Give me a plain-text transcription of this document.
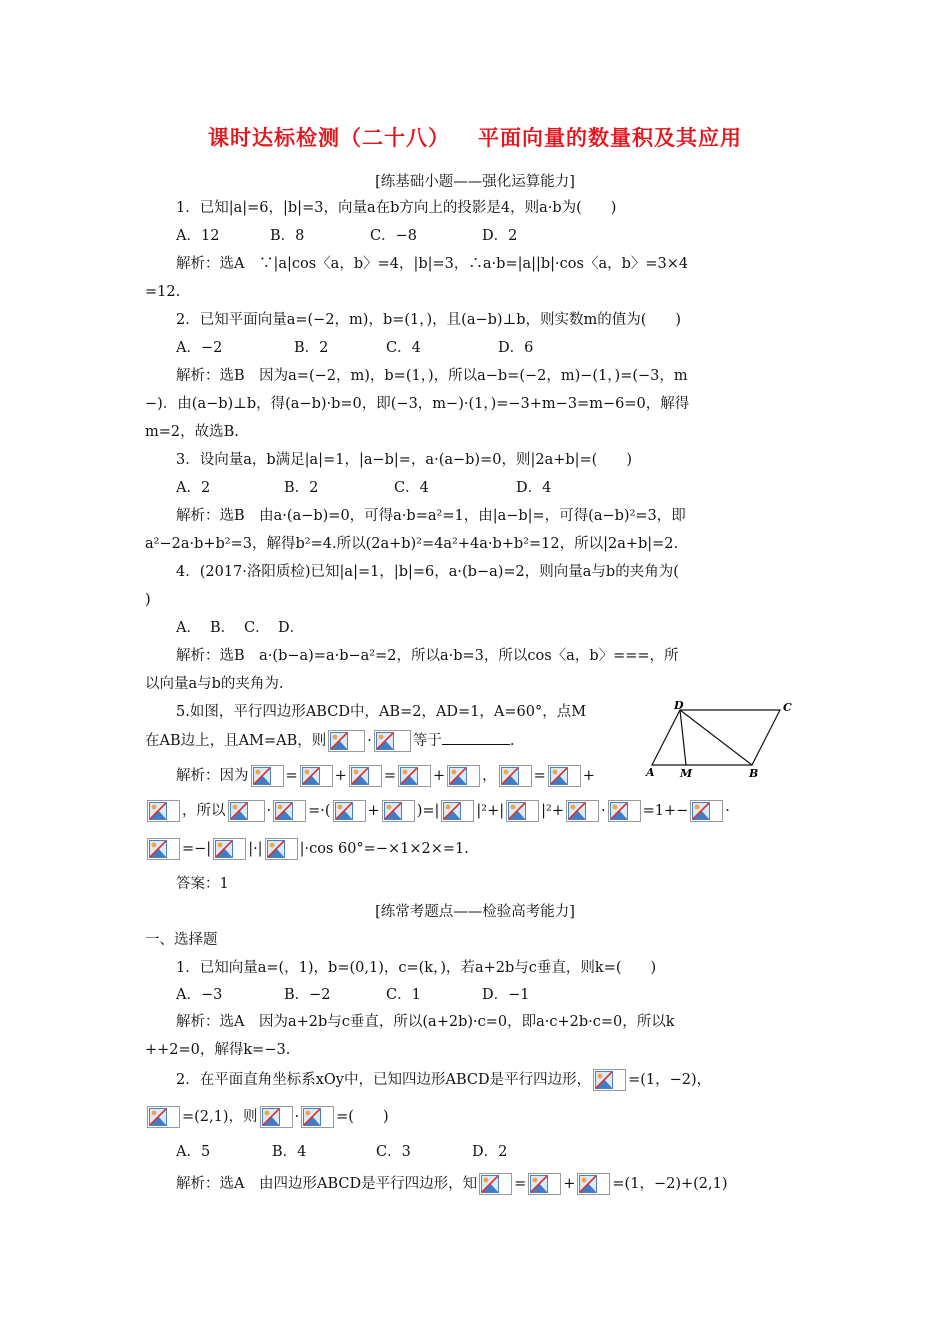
课时达标检测（二十八） 平面向量的数量积及其应用
[练基础小题——强化运算能力]
1．已知|a|=6，|b|=3，向量a在b方向上的投影是4，则a·b为(　　)
A．12	B．8	C．−8	D．2
解析：选A　∵|a|cos〈a，b〉=4，|b|=3，∴a·b=|a||b|·cos〈a，b〉=3×4
=12.
2．已知平面向量a=(−2，m)，b=(1，)，且(a−b)⊥b，则实数m的值为(　　)
A．−2	B．2	C．4	D．6
解析：选B　因为a=(−2，m)，b=(1，)，所以a−b=(−2，m)−(1，)=(−3，m
−)．由(a−b)⊥b，得(a−b)·b=0，即(−3，m−)·(1，)=−3+m−3=m−6=0，解得
m=2，故选B.
3．设向量a，b满足|a|=1，|a−b|=，a·(a−b)=0，则|2a+b|=(　　)
A．2	B．2	C．4	D．4
解析：选B　由a·(a−b)=0，可得a·b=a²=1，由|a−b|=，可得(a−b)²=3，即
a²−2a·b+b²=3，解得b²=4.所以(2a+b)²=4a²+4a·b+b²=12，所以|2a+b|=2.
4．(2017·洛阳质检)已知|a|=1，|b|=6，a·(b−a)=2，则向量a与b的夹角为(
)
A． B． C． D．
解析：选B　a·(b−a)=a·b−a²=2，所以a·b=3，所以cos〈a，b〉===，所
以向量a与b的夹角为.
5.如图，平行四边形ABCD中，AB=2，AD=1，A=60°，点M
在AB边上，且AM=AB，则	·	等于	.
A M	B
C
D
解析：因为	=	+	=	+	，	=	+
，所以	·	=·(	+	)=|	|²+|	|²+	·	=1+−	·
=−|	|·|	|·cos 60°=−×1×2×=1.
答案：1
[练常考题点——检验高考能力]
一、选择题
1．已知向量a=(，1)，b=(0,1)，c=(k，)，若a+2b与c垂直，则k=(　　)
A．−3	B．−2	C．1	D．−1
解析：选A　因为a+2b与c垂直，所以(a+2b)·c=0，即a·c+2b·c=0，所以k
++2=0，解得k=−3.
2．在平面直角坐标系xOy中，已知四边形ABCD是平行四边形，	=(1，−2)，
=(2,1)，则	·	=(　　)
A．5	B．4	C．3	D．2
解析：选A　由四边形ABCD是平行四边形，知	=	+	=(1，−2)+(2,1)
